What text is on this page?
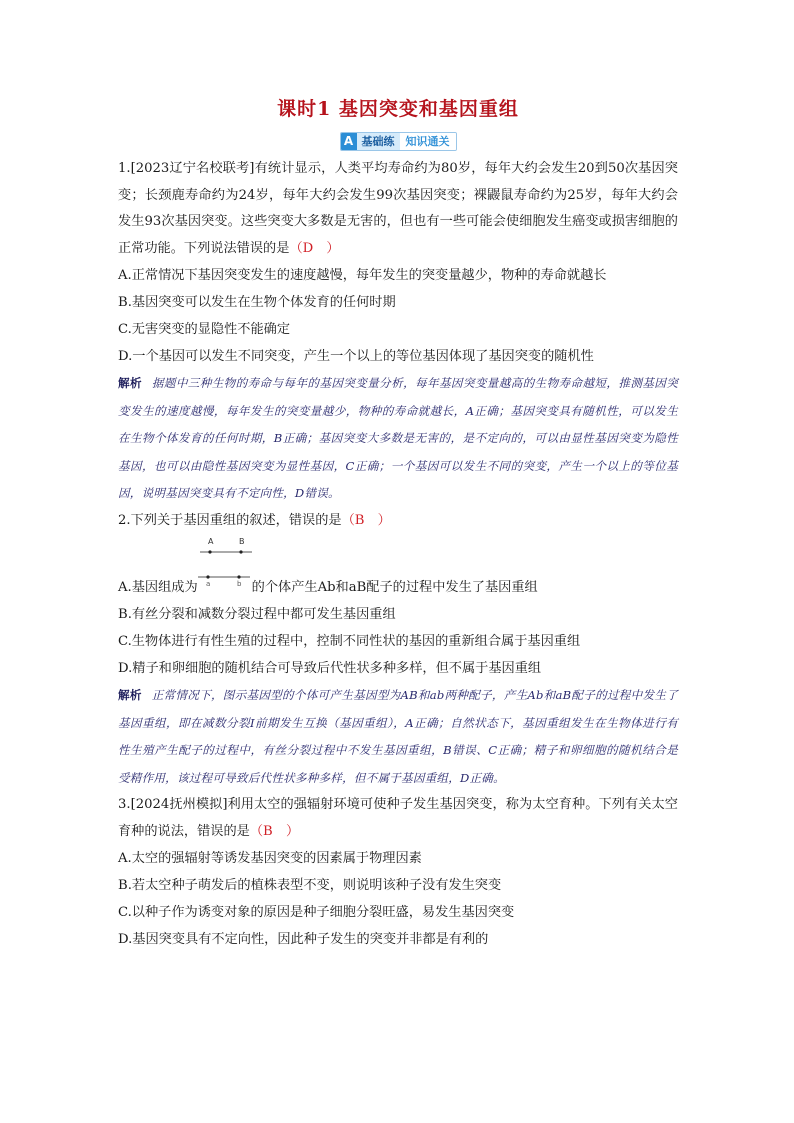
课时1 基因突变和基因重组
A 基础练	知识通关
1.[2023辽宁名校联考]有统计显示，人类平均寿命约为80岁，每年大约会发生20到50次基因突变；长颈鹿寿命约为24岁，每年大约会发生99次基因突变；裸鼹鼠寿命约为25岁，每年大约会发生93次基因突变。这些突变大多数是无害的，但也有一些可能会使细胞发生癌变或损害细胞的正常功能。下列说法错误的是（D　）
A.正常情况下基因突变发生的速度越慢，每年发生的突变量越少，物种的寿命就越长
B.基因突变可以发生在生物个体发育的任何时期
C.无害突变的显隐性不能确定
D.一个基因可以发生不同突变，产生一个以上的等位基因体现了基因突变的随机性
解析 据题中三种生物的寿命与每年的基因突变量分析，每年基因突变量越高的生物寿命越短，推测基因突变发生的速度越慢，每年发生的突变量越少，物种的寿命就越长，A正确；基因突变具有随机性，可以发生在生物个体发育的任何时期，B正确；基因突变大多数是无害的，是不定向的，可以由显性基因突变为隐性基因，也可以由隐性基因突变为显性基因，C正确；一个基因可以发生不同的突变，产生一个以上的等位基因，说明基因突变具有不定向性，D错误。
2.下列关于基因重组的叙述，错误的是（B　）
A	B
A.基因组成为 a	b 的个体产生Ab和aB配子的过程中发生了基因重组
B.有丝分裂和减数分裂过程中都可发生基因重组
C.生物体进行有性生殖的过程中，控制不同性状的基因的重新组合属于基因重组
D.精子和卵细胞的随机结合可导致后代性状多种多样，但不属于基因重组
解析 正常情况下，图示基因型的个体可产生基因型为AB和ab两种配子，产生Ab和aB配子的过程中发生了基因重组，即在减数分裂Ⅰ前期发生互换（基因重组），A正确；自然状态下，基因重组发生在生物体进行有性生殖产生配子的过程中，有丝分裂过程中不发生基因重组，B错误、C正确；精子和卵细胞的随机结合是受精作用，该过程可导致后代性状多种多样，但不属于基因重组，D正确。
3.[2024抚州模拟]利用太空的强辐射环境可使种子发生基因突变，称为太空育种。下列有关太空育种的说法，错误的是（B　）
A.太空的强辐射等诱发基因突变的因素属于物理因素
B.若太空种子萌发后的植株表型不变，则说明该种子没有发生突变
C.以种子作为诱变对象的原因是种子细胞分裂旺盛，易发生基因突变
D.基因突变具有不定向性，因此种子发生的突变并非都是有利的
